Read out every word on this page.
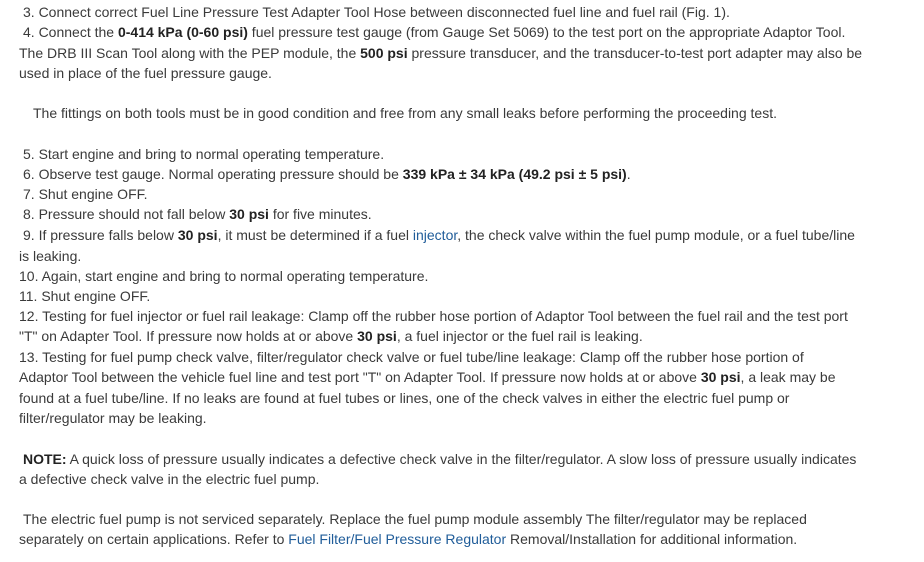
3. Connect correct Fuel Line Pressure Test Adapter Tool Hose between disconnected fuel line and fuel rail (Fig. 1).
4. Connect the 0-414 kPa (0-60 psi) fuel pressure test gauge (from Gauge Set 5069) to the test port on the appropriate Adaptor Tool.
The DRB III Scan Tool along with the PEP module, the 500 psi pressure transducer, and the transducer-to-test port adapter may also be
used in place of the fuel pressure gauge.
The fittings on both tools must be in good condition and free from any small leaks before performing the proceeding test.
5. Start engine and bring to normal operating temperature.
6. Observe test gauge. Normal operating pressure should be 339 kPa ± 34 kPa (49.2 psi ± 5 psi).
7. Shut engine OFF.
8. Pressure should not fall below 30 psi for five minutes.
9. If pressure falls below 30 psi, it must be determined if a fuel injector, the check valve within the fuel pump module, or a fuel tube/line
is leaking.
10. Again, start engine and bring to normal operating temperature.
11. Shut engine OFF.
12. Testing for fuel injector or fuel rail leakage: Clamp off the rubber hose portion of Adaptor Tool between the fuel rail and the test port
"T" on Adapter Tool. If pressure now holds at or above 30 psi, a fuel injector or the fuel rail is leaking.
13. Testing for fuel pump check valve, filter/regulator check valve or fuel tube/line leakage: Clamp off the rubber hose portion of
Adaptor Tool between the vehicle fuel line and test port "T" on Adapter Tool. If pressure now holds at or above 30 psi, a leak may be
found at a fuel tube/line. If no leaks are found at fuel tubes or lines, one of the check valves in either the electric fuel pump or
filter/regulator may be leaking.
NOTE: A quick loss of pressure usually indicates a defective check valve in the filter/regulator. A slow loss of pressure usually indicates
a defective check valve in the electric fuel pump.
The electric fuel pump is not serviced separately. Replace the fuel pump module assembly The filter/regulator may be replaced
separately on certain applications. Refer to Fuel Filter/Fuel Pressure Regulator Removal/Installation for additional information.
